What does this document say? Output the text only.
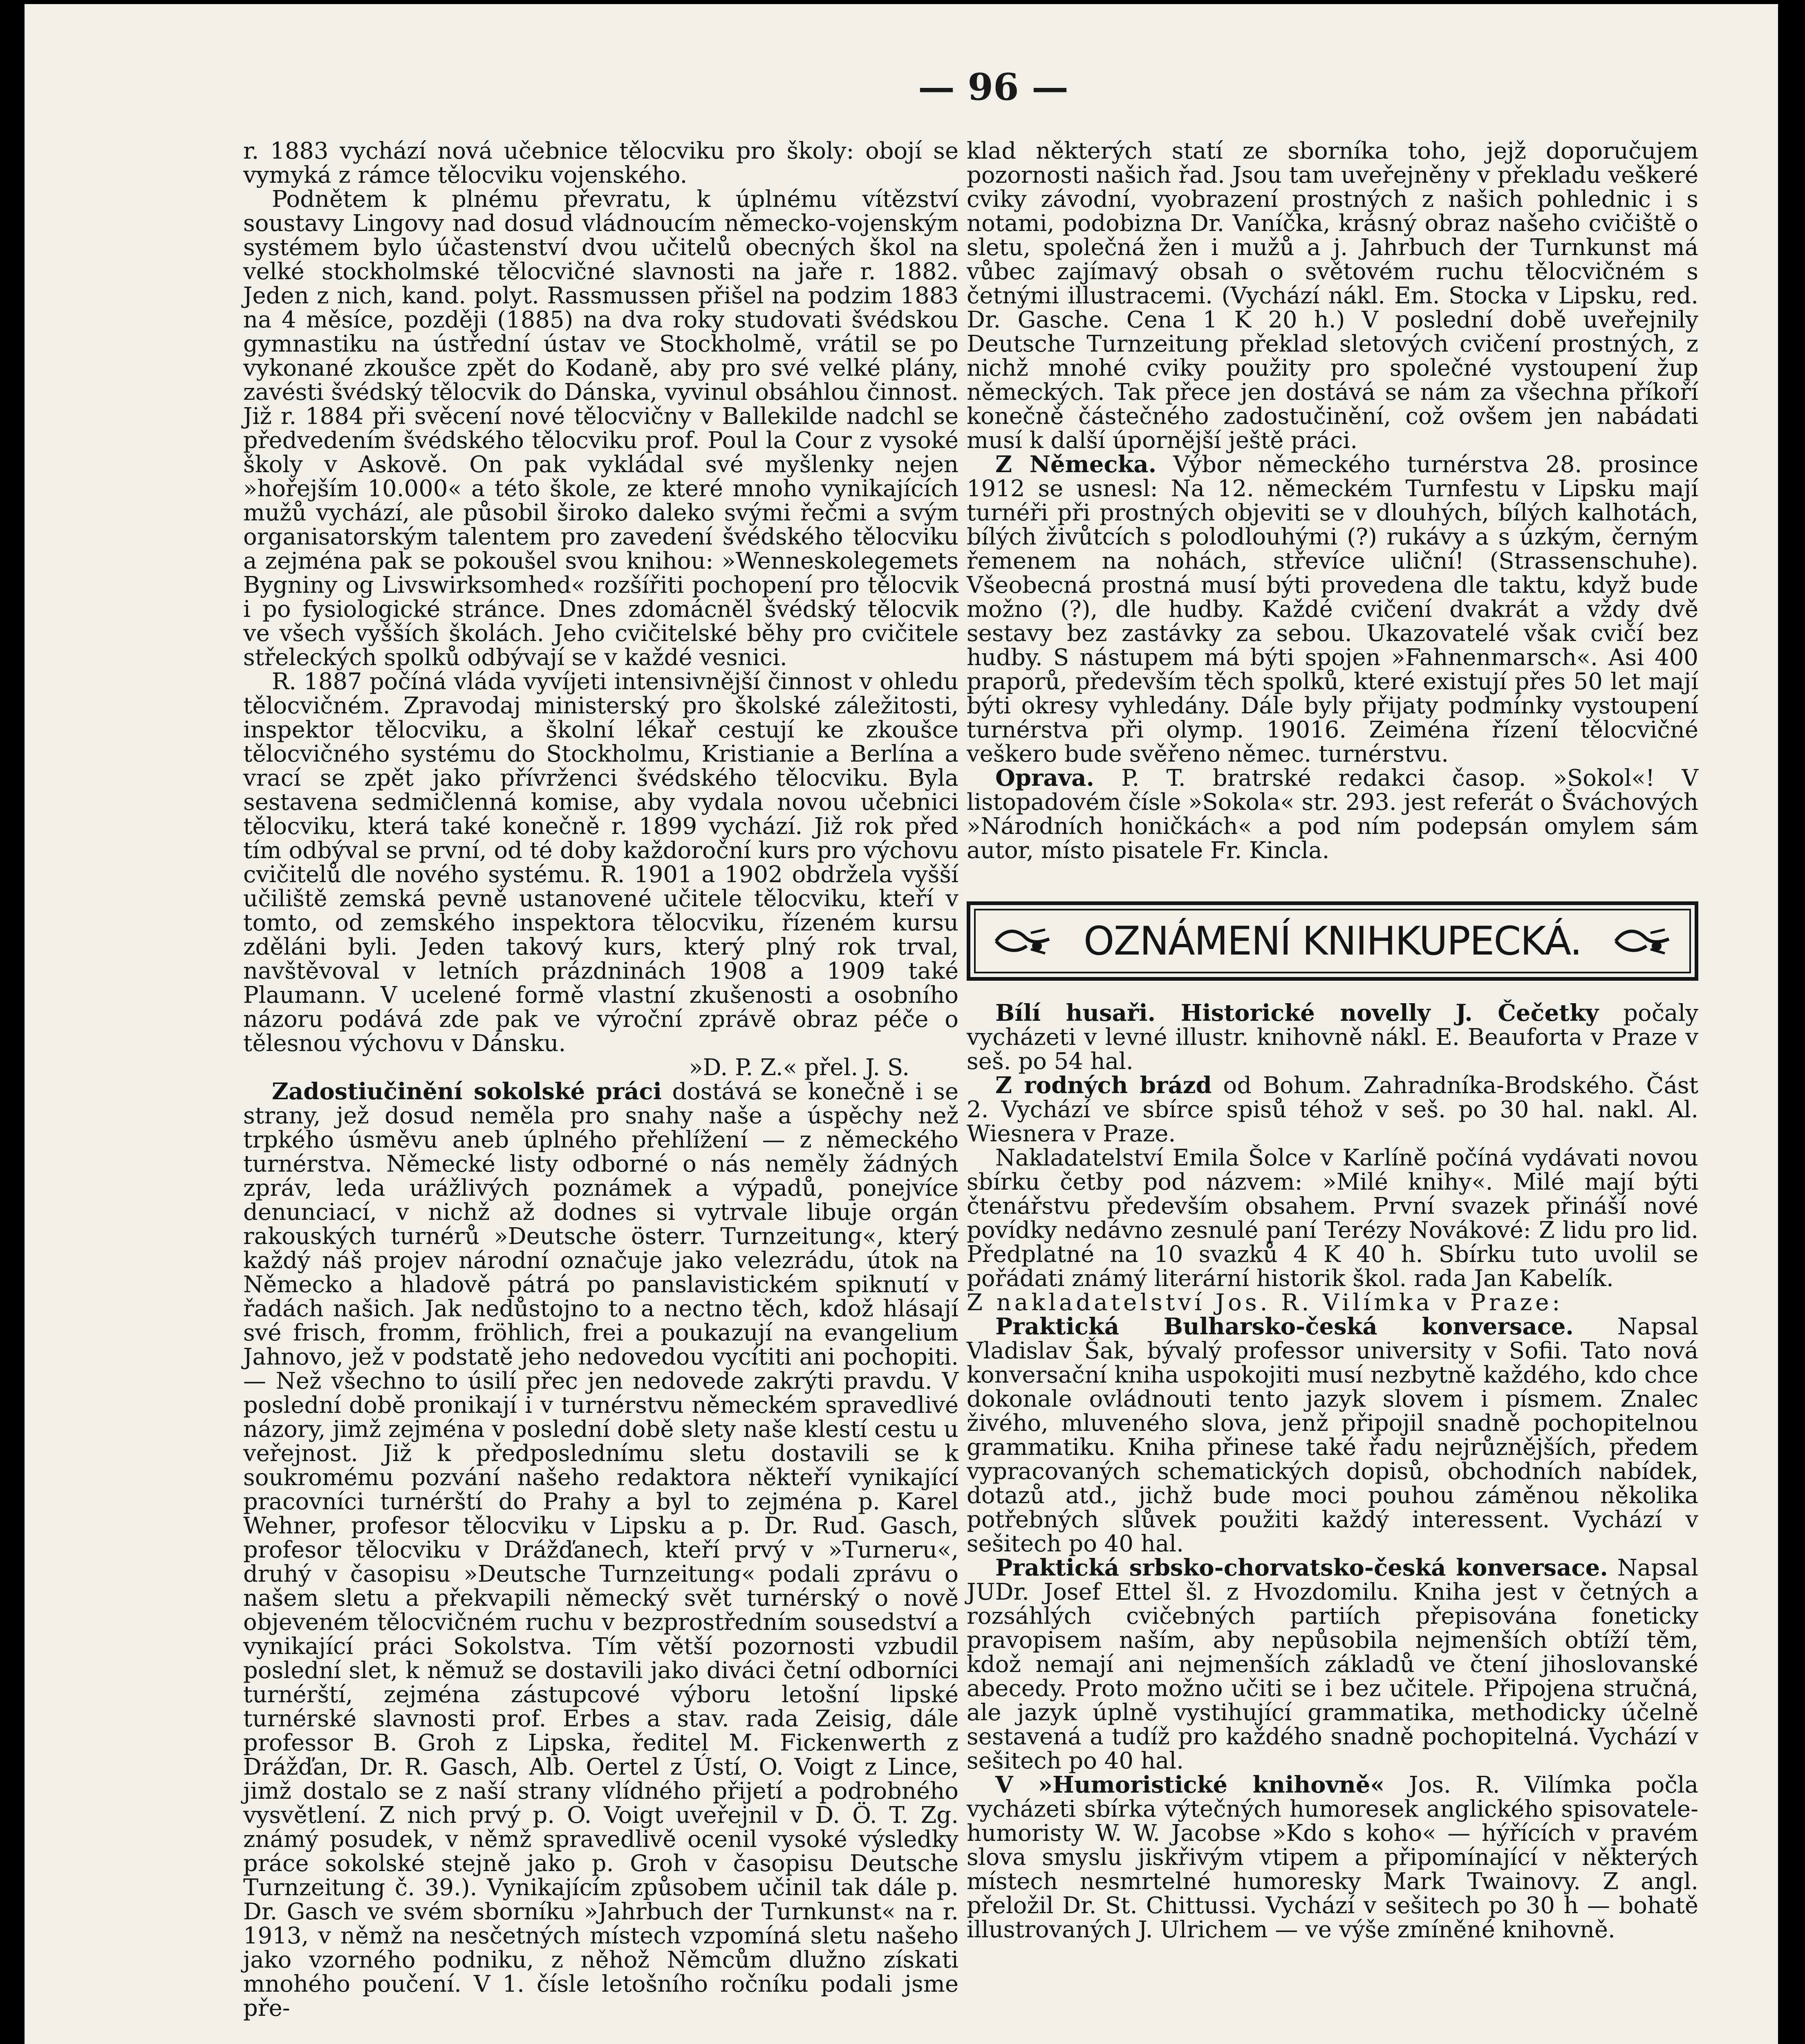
— 96 —

r. 1883 vychází nová učebnice tělocviku pro školy: obojí se vymyká z rámce tělocviku vojenského.

Podnětem k plnému převratu, k úplnému vítězství soustavy Lingovy nad dosud vládnoucím německo-vojenským systémem bylo účastenství dvou učitelů obecných škol na velké stockholmské tělocvičné slavnosti na jaře r. 1882. Jeden z nich, kand. polyt. Rassmussen přišel na podzim 1883 na 4 měsíce, později (1885) na dva roky studovati švédskou gymnastiku na ústřední ústav ve Stockholmě, vrátil se po vykonané zkoušce zpět do Kodaně, aby pro své velké plány, zavésti švédský tělocvik do Dánska, vyvinul obsáhlou činnost. Již r. 1884 při svěcení nové tělocvičny v Ballekilde nadchl se předvedením švédského tělocviku prof. Poul la Cour z vysoké školy v Askově. On pak vykládal své myšlenky nejen »hořejším 10.000« a této škole, ze které mnoho vynikajících mužů vychází, ale působil široko daleko svými řečmi a svým organisatorským talentem pro zavedení švédského tělocviku a zejména pak se pokoušel svou knihou: »Wenneskolegemets Bygniny og Livswirksomhed« rozšířiti pochopení pro tělocvik i po fysiologické stránce. Dnes zdomácněl švédský tělocvik ve všech vyšších školách. Jeho cvičitelské běhy pro cvičitele střeleckých spolků odbývají se v každé vesnici.

R. 1887 počíná vláda vyvíjeti intensivnější činnost v ohledu tělocvičném. Zpravodaj ministerský pro školské záležitosti, inspektor tělocviku, a školní lékař cestují ke zkoušce tělocvičného systému do Stockholmu, Kristianie a Berlína a vrací se zpět jako přívrženci švédského tělocviku. Byla sestavena sedmičlenná komise, aby vydala novou učebnici tělocviku, která také konečně r. 1899 vychází. Již rok před tím odbýval se první, od té doby každoroční kurs pro výchovu cvičitelů dle nového systému. R. 1901 a 1902 obdržela vyšší učiliště zemská pevně ustanovené učitele tělocviku, kteří v tomto, od zemského inspektora tělocviku, řízeném kursu zděláni byli. Jeden takový kurs, který plný rok trval, navštěvoval v letních prázdninách 1908 a 1909 také Plaumann. V ucelené formě vlastní zkušenosti a osobního názoru podává zde pak ve výroční zprávě obraz péče o tělesnou výchovu v Dánsku.

»D. P. Z.« přel. J. S.

Zadostiučinění sokolské práci dostává se konečně i se strany, jež dosud neměla pro snahy naše a úspěchy než trpkého úsměvu aneb úplného přehlížení — z německého turnérstva. Německé listy odborné o nás neměly žádných zpráv, leda urážlivých poznámek a výpadů, ponejvíce denunciací, v nichž až dodnes si vytrvale libuje orgán rakouských turnérů »Deutsche österr. Turnzeitung«, který každý náš projev národní označuje jako velezrádu, útok na Německo a hladově pátrá po panslavistickém spiknutí v řadách našich. Jak nedůstojno to a nectno těch, kdož hlásají své frisch, fromm, fröhlich, frei a poukazují na evangelium Jahnovo, jež v podstatě jeho nedovedou vycítiti ani pochopiti. — Než všechno to úsilí přec jen nedovede zakrýti pravdu. V poslední době pronikají i v turnérstvu německém spravedlivé názory, jimž zejména v poslední době slety naše klestí cestu u veřejnost. Již k předposlednímu sletu dostavili se k soukromému pozvání našeho redaktora někteří vynikající pracovníci turnérští do Prahy a byl to zejména p. Karel Wehner, profesor tělocviku v Lipsku a p. Dr. Rud. Gasch, profesor tělocviku v Drážďanech, kteří prvý v »Turneru«, druhý v časopisu »Deutsche Turnzeitung« podali zprávu o našem sletu a překvapili německý svět turnérský o nově objeveném tělocvičném ruchu v bezprostředním sousedství a vynikající práci Sokolstva. Tím větší pozornosti vzbudil poslední slet, k němuž se dostavili jako diváci četní odborníci turnérští, zejména zástupcové výboru letošní lipské turnérské slavnosti prof. Erbes a stav. rada Zeisig, dále professor B. Groh z Lipska, ředitel M. Fickenwerth z Drážďan, Dr. R. Gasch, Alb. Oertel z Ústí, O. Voigt z Lince, jimž dostalo se z naší strany vlídného přijetí a podrobného vysvětlení. Z nich prvý p. O. Voigt uveřejnil v D. Ö. T. Zg. známý posudek, v němž spravedlivě ocenil vysoké výsledky práce sokolské stejně jako p. Groh v časopisu Deutsche Turnzeitung č. 39.). Vynikajícím způsobem učinil tak dále p. Dr. Gasch ve svém sborníku »Jahrbuch der Turnkunst« na r. 1913, v němž na nesčetných místech vzpomíná sletu našeho jako vzorného podniku, z něhož Němcům dlužno získati mnohého poučení. V 1. čísle letošního ročníku podali jsme pře-

klad některých statí ze sborníka toho, jejž doporučujem pozornosti našich řad. Jsou tam uveřejněny v překladu veškeré cviky závodní, vyobrazení prostných z našich pohlednic i s notami, podobizna Dr. Vaníčka, krásný obraz našeho cvičiště o sletu, společná žen i mužů a j. Jahrbuch der Turnkunst má vůbec zajímavý obsah o světovém ruchu tělocvičném s četnými illustracemi. (Vychází nákl. Em. Stocka v Lipsku, red. Dr. Gasche. Cena 1 K 20 h.) V poslední době uveřejnily Deutsche Turnzeitung překlad sletových cvičení prostných, z nichž mnohé cviky použity pro společné vystoupení žup německých. Tak přece jen dostává se nám za všechna příkoří konečně částečného zadostučinění, což ovšem jen nabádati musí k další úpornější ještě práci.

Z Německa. Výbor německého turnérstva 28. prosince 1912 se usnesl: Na 12. německém Turnfestu v Lipsku mají turnéři při prostných objeviti se v dlouhých, bílých kalhotách, bílých živůtcích s polodlouhými (?) rukávy a s úzkým, černým řemenem na nohách, střevíce uliční! (Strassenschuhe). Všeobecná prostná musí býti provedena dle taktu, když bude možno (?), dle hudby. Každé cvičení dvakrát a vždy dvě sestavy bez zastávky za sebou. Ukazovatelé však cvičí bez hudby. S nástupem má býti spojen »Fahnenmarsch«. Asi 400 praporů, především těch spolků, které existují přes 50 let mají býti okresy vyhledány. Dále byly přijaty podmínky vystoupení turnérstva při olymp. 19016. Zeiména řízení tělocvičné veškero bude svěřeno němec. turnérstvu.

Oprava. P. T. bratrské redakci časop. »Sokol«! V listopadovém čísle »Sokola« str. 293. jest referát o Šváchových »Národních honičkách« a pod ním podepsán omylem sám autor, místo pisatele Fr. Kincla.

OZNÁMENÍ KNIHKUPECKÁ.

Bílí husaři. Historické novelly J. Čečetky počaly vycházeti v levné illustr. knihovně nákl. E. Beauforta v Praze v seš. po 54 hal.

Z rodných brázd od Bohum. Zahradníka-Brodského. Část 2. Vychází ve sbírce spisů téhož v seš. po 30 hal. nakl. Al. Wiesnera v Praze.

Nakladatelství Emila Šolce v Karlíně počíná vydávati novou sbírku četby pod názvem: »Milé knihy«. Milé mají býti čtenářstvu především obsahem. První svazek přináší nové povídky nedávno zesnulé paní Terézy Novákové: Z lidu pro lid. Předplatné na 10 svazků 4 K 40 h. Sbírku tuto uvolil se pořádati známý literární historik škol. rada Jan Kabelík.

Z nakladatelství Jos. R. Vilímka v Praze:

Praktická Bulharsko-česká konversace. Napsal Vladislav Šak, bývalý professor university v Sofii. Tato nová konversační kniha uspokojiti musí nezbytně každého, kdo chce dokonale ovládnouti tento jazyk slovem i písmem. Znalec živého, mluveného slova, jenž připojil snadně pochopitelnou grammatiku. Kniha přinese také řadu nejrůznějších, předem vypracovaných schematických dopisů, obchodních nabídek, dotazů atd., jichž bude moci pouhou záměnou několika potřebných slůvek použiti každý interessent. Vychází v sešitech po 40 hal.

Praktická srbsko-chorvatsko-česká konversace. Napsal JUDr. Josef Ettel šl. z Hvozdomilu. Kniha jest v četných a rozsáhlých cvičebných partiích přepisována foneticky pravopisem naším, aby nepůsobila nejmenších obtíží těm, kdož nemají ani nejmenších základů ve čtení jihoslovanské abecedy. Proto možno učiti se i bez učitele. Připojena stručná, ale jazyk úplně vystihující grammatika, methodicky účelně sestavená a tudíž pro každého snadně pochopitelná. Vychází v sešitech po 40 hal.

V »Humoristické knihovně« Jos. R. Vilímka počla vycházeti sbírka výtečných humoresek anglického spisovatele-humoristy W. W. Jacobse »Kdo s koho« — hýřících v pravém slova smyslu jiskřivým vtipem a připomínající v některých místech nesmrtelné humoresky Mark Twainovy. Z angl. přeložil Dr. St. Chittussi. Vychází v sešitech po 30 h — bohatě illustrovaných J. Ulrichem — ve výše zmíněné knihovně.
